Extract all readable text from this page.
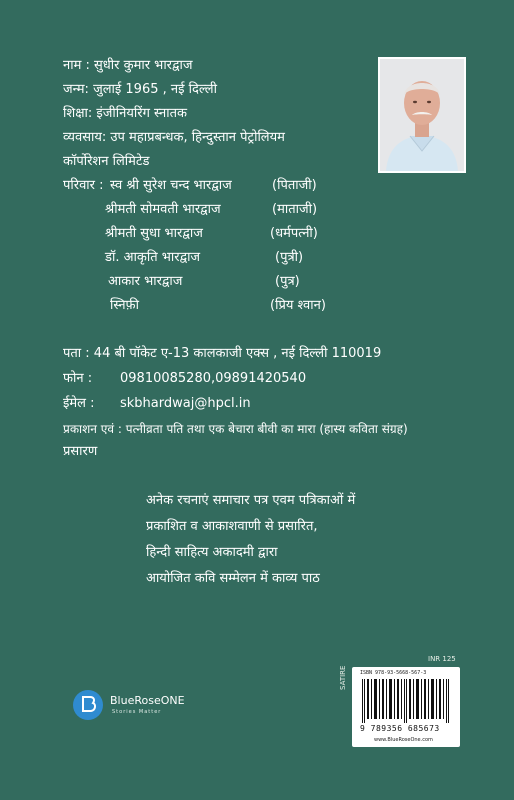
नाम : सुधीर कुमार भारद्वाज
जन्म: जुलाई 1965 , नई दिल्ली
शिक्षा: इंजीनियरिंग स्नातक
व्यवसाय: उप महाप्रबन्धक, हिन्दुस्तान पेट्रोलियम
कॉर्पोरेशन लिमिटेड
परिवार : स्व श्री सुरेश चन्द भारद्वाज	(पिताजी)
श्रीमती सोमवती भारद्वाज	(माताजी)
श्रीमती सुधा भारद्वाज	(धर्मपत्नी)
डॉ. आकृति भारद्वाज	(पुत्री)
आकार भारद्वाज	(पुत्र)
स्निफ़ी	(प्रिय श्वान)
पता : 44 बी पॉकेट ए-13 कालकाजी एक्स , नई दिल्ली 110019
फोन : 09810085280,09891420540
ईमेल : skbhardwaj@hpcl.in
प्रकाशन एवं : पत्नीव्रता पति तथा एक बेचारा बीवी का मारा (हास्य कविता संग्रह)
प्रसारण
अनेक रचनाएं समाचार पत्र एवम पत्रिकाओं में
प्रकाशित व आकाशवाणी से प्रसारित,
हिन्दी साहित्य अकादमी द्वारा
आयोजित कवि सम्मेलन में काव्य पाठ
BlueRoseONE
Stories Matter
SATIRE
INR 125
ISBN 978-93-5668-567-3
9 789356 685673
www.BlueRoseOne.com
